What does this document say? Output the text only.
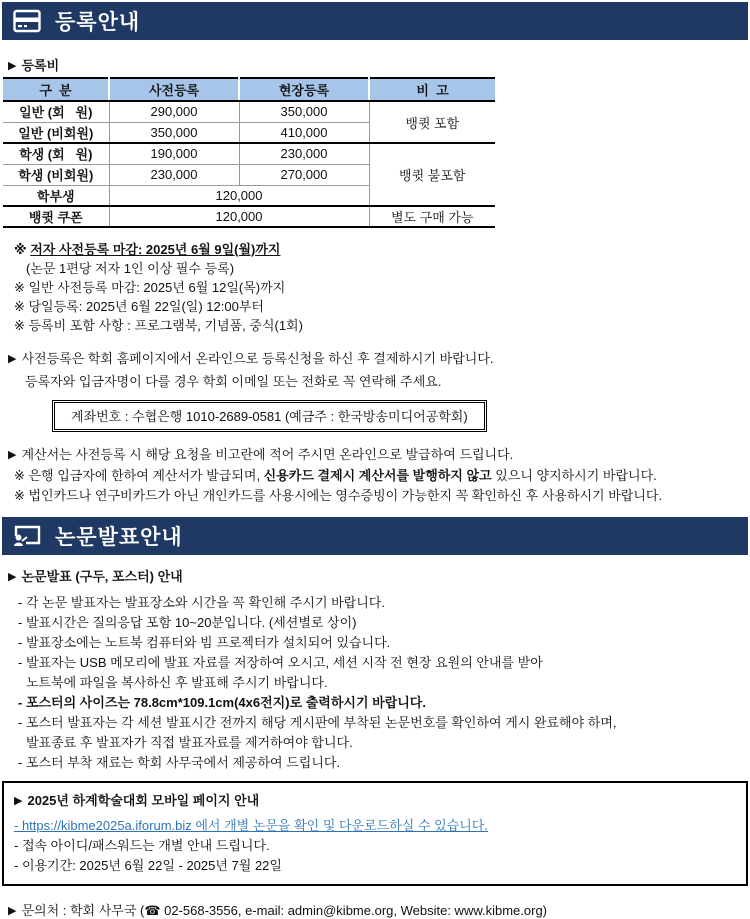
등록안내
▶ 등록비
구  분	사전등록	현장등록	비  고
일반 (회   원)	290,000	350,000	뱅큇 포함
일반 (비회원)	350,000	410,000	
학생 (회   원)	190,000	230,000	뱅큇 불포함
학생 (비회원)	230,000	270,000	
학부생	120,000		
뱅큇 쿠폰	120,000		별도 구매 가능
※ 저자 사전등록 마감: 2025년 6월 9일(월)까지
(논문 1편당 저자 1인 이상 필수 등록)
※ 일반 사전등록 마감: 2025년 6월 12일(목)까지
※ 당일등록: 2025년 6월 22일(일) 12:00부터
※ 등록비 포함 사항 : 프로그램북, 기념품, 중식(1회)
▶ 사전등록은 학회 홈페이지에서 온라인으로 등록신청을 하신 후 결제하시기 바랍니다.
등록자와 입금자명이 다를 경우 학회 이메일 또는 전화로 꼭 연락해 주세요.
계좌번호 : 수협은행 1010-2689-0581 (예금주 : 한국방송미디어공학회)
▶ 계산서는 사전등록 시 해당 요청을 비고란에 적어 주시면 온라인으로 발급하여 드립니다.
※ 은행 입금자에 한하여 계산서가 발급되며, 신용카드 결제시 계산서를 발행하지 않고 있으니 양지하시기 바랍니다.
※ 법인카드나 연구비카드가 아닌 개인카드를 사용시에는 영수증빙이 가능한지 꼭 확인하신 후 사용하시기 바랍니다.
논문발표안내
▶ 논문발표 (구두, 포스터) 안내
- 각 논문 발표자는 발표장소와 시간을 꼭 확인해 주시기 바랍니다.
- 발표시간은 질의응답 포함 10~20분입니다. (세션별로 상이)
- 발표장소에는 노트북 컴퓨터와 빔 프로젝터가 설치되어 있습니다.
- 발표자는 USB 메모리에 발표 자료를 저장하여 오시고, 세션 시작 전 현장 요원의 안내를 받아
노트북에 파일을 복사하신 후 발표해 주시기 바랍니다.
- 포스터의 사이즈는 78.8cm*109.1cm(4x6전지)로 출력하시기 바랍니다.
- 포스터 발표자는 각 세션 발표시간 전까지 해당 게시판에 부착된 논문번호를 확인하여 게시 완료해야 하며,
발표종료 후 발표자가 직접 발표자료를 제거하여야 합니다.
- 포스터 부착 재료는 학회 사무국에서 제공하여 드립니다.
▶ 2025년 하계학술대회 모바일 페이지 안내
- https://kibme2025a.iforum.biz 에서 개별 논문을 확인 및 다운로드하실 수 있습니다.
- 접속 아이디/패스워드는 개별 안내 드립니다.
- 이용기간: 2025년 6월 22일 - 2025년 7월 22일
▶ 문의처 : 학회 사무국 (☎ 02-568-3556, e-mail: admin@kibme.org, Website: www.kibme.org)
